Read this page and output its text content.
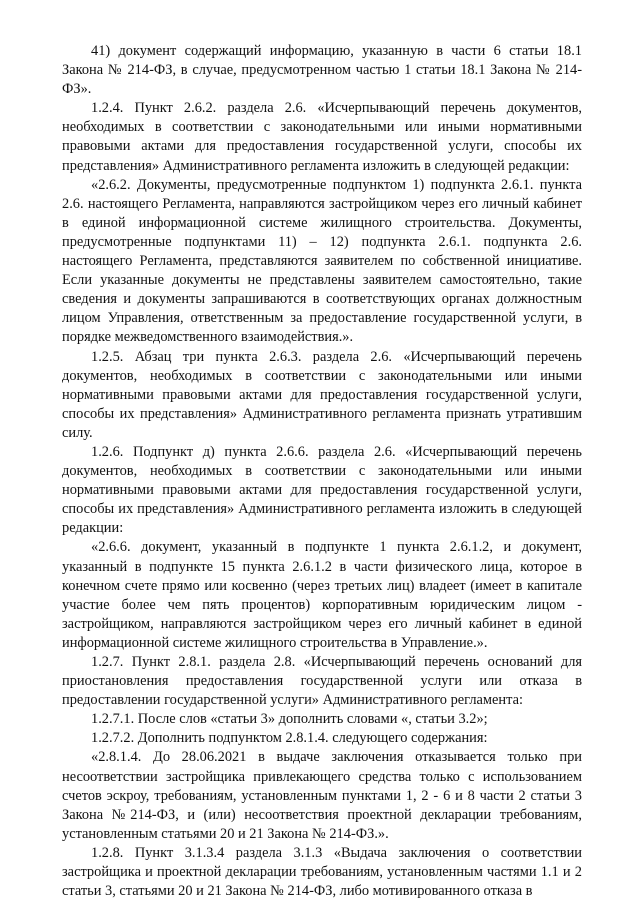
41) документ содержащий информацию, указанную в части 6 статьи 18.1 Закона № 214-ФЗ, в случае, предусмотренном частью 1 статьи 18.1 Закона № 214-ФЗ».

1.2.4. Пункт 2.6.2. раздела 2.6. «Исчерпывающий перечень документов, необходимых в соответствии с законодательными или иными нормативными правовыми актами для предоставления государственной услуги, способы их представления» Административного регламента изложить в следующей редакции:

«2.6.2. Документы, предусмотренные подпунктом 1) подпункта 2.6.1. пункта 2.6. настоящего Регламента, направляются застройщиком через его личный кабинет в единой информационной системе жилищного строительства. Документы, предусмотренные подпунктами 11) – 12) подпункта 2.6.1. подпункта 2.6. настоящего Регламента, представляются заявителем по собственной инициативе. Если указанные документы не представлены заявителем самостоятельно, такие сведения и документы запрашиваются в соответствующих органах должностным лицом Управления, ответственным за предоставление государственной услуги, в порядке межведомственного взаимодействия.».

1.2.5. Абзац три пункта 2.6.3. раздела 2.6. «Исчерпывающий перечень документов, необходимых в соответствии с законодательными или иными нормативными правовыми актами для предоставления государственной услуги, способы их представления» Административного регламента признать утратившим силу.

1.2.6. Подпункт д) пункта 2.6.6. раздела 2.6. «Исчерпывающий перечень документов, необходимых в соответствии с законодательными или иными нормативными правовыми актами для предоставления государственной услуги, способы их представления» Административного регламента изложить в следующей редакции:

«2.6.6. документ, указанный в подпункте 1 пункта 2.6.1.2, и документ, указанный в подпункте 15 пункта 2.6.1.2 в части физического лица, которое в конечном счете прямо или косвенно (через третьих лиц) владеет (имеет в капитале участие более чем пять процентов) корпоративным юридическим лицом - застройщиком, направляются застройщиком через его личный кабинет в единой информационной системе жилищного строительства в Управление.».

1.2.7. Пункт 2.8.1. раздела 2.8. «Исчерпывающий перечень оснований для приостановления предоставления государственной услуги или отказа в предоставлении государственной услуги» Административного регламента:

1.2.7.1. После слов «статьи 3» дополнить словами «, статьи 3.2»;

1.2.7.2. Дополнить подпунктом 2.8.1.4. следующего содержания:

«2.8.1.4. До 28.06.2021 в выдаче заключения отказывается только при несоответствии застройщика привлекающего средства только с использованием счетов эскроу, требованиям, установленным пунктами 1, 2 - 6 и 8 части 2 статьи 3 Закона №214-ФЗ, и (или) несоответствия проектной декларации требованиям, установленным статьями 20 и 21 Закона № 214-ФЗ.».

1.2.8. Пункт 3.1.3.4 раздела 3.1.3 «Выдача заключения о соответствии застройщика и проектной декларации требованиям, установленным частями 1.1 и 2 статьи 3, статьями 20 и 21 Закона № 214-ФЗ, либо мотивированного отказа в
